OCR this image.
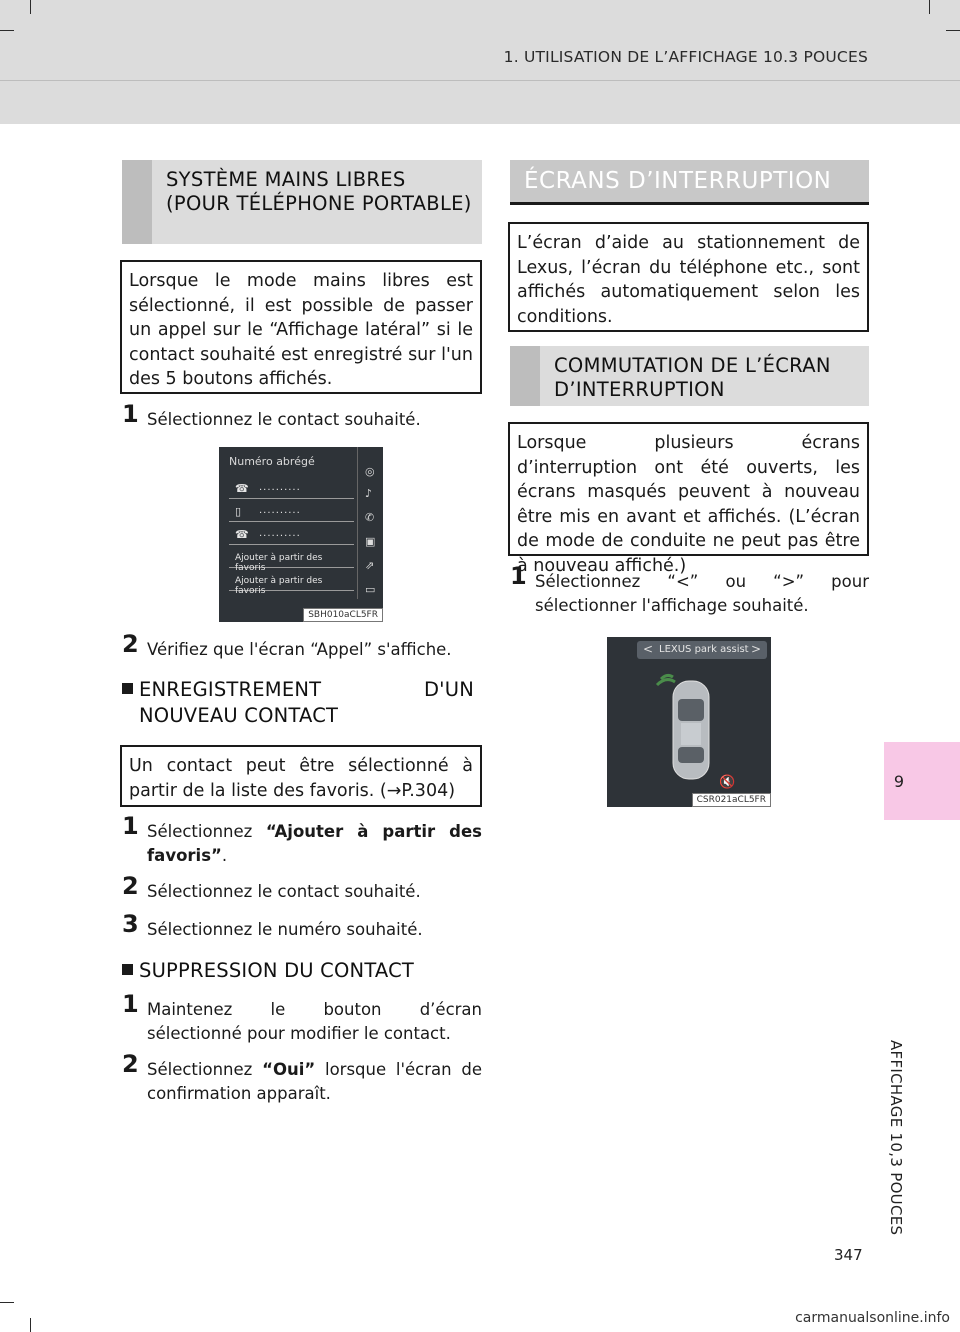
1. UTILISATION DE L’AFFICHAGE 10.3 POUCES
9
AFFICHAGE 10,3 POUCES
SYSTÈME MAINS LIBRES (POUR TÉLÉPHONE PORTABLE)
Lorsque le mode mains libres est sélectionné, il est possible de passer un appel sur le “Affichage latéral” si le contact souhaité est enregistré sur l'un des 5 boutons affichés.
1 Sélectionnez le contact souhaité.
Numéro abrégé
☎ ..........
▯ ..........
☎ ..........
Ajouter à partir des favoris
Ajouter à partir des favoris
◎
♪
✆
▣
⇗
▭
SBH010aCL5FR
2 Vérifiez que l'écran “Appel” s'affiche.
ENREGISTREMENT D'UN NOUVEAU CONTACT
Un contact peut être sélectionné à partir de la liste des favoris. (→P.304)
1 Sélectionnez “Ajouter à partir des favoris”.
2 Sélectionnez le contact souhaité.
3 Sélectionnez le numéro souhaité.
SUPPRESSION DU CONTACT
1 Maintenez le bouton d’écran sélectionné pour modifier le contact.
2 Sélectionnez “Oui” lorsque l'écran de confirmation apparaît.
ÉCRANS D’INTERRUPTION
L’écran d’aide au stationnement de Lexus, l’écran du téléphone etc., sont affichés automatiquement selon les conditions.
COMMUTATION DE L’ÉCRAN D’INTERRUPTION
Lorsque plusieurs écrans d’interruption ont été ouverts, les écrans masqués peuvent à nouveau être mis en avant et affichés. (L’écran de mode de conduite ne peut pas être à nouveau affiché.)
1 Sélectionnez “<” ou “>” pour sélectionner l'affichage souhaité.
< LEXUS park assist >
🔇
CSR021aCL5FR
347
carmanualsonline.info
